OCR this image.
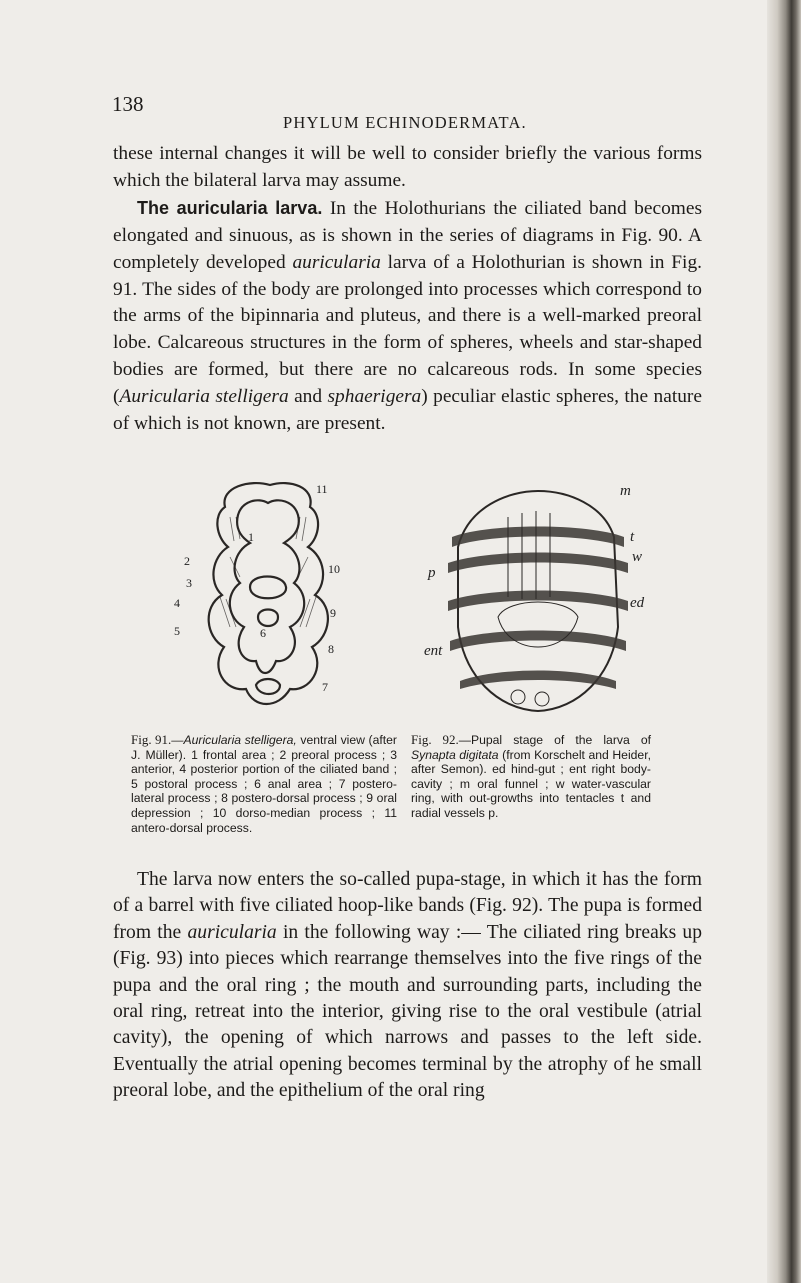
138
PHYLUM ECHINODERMATA.

these internal changes it will be well to consider briefly the various forms which the bilateral larva may assume.
The auricularia larva. In the Holothurians the ciliated band becomes elongated and sinuous, as is shown in the series of diagrams in Fig. 90. A completely developed auricularia larva of a Holothurian is shown in Fig. 91. The sides of the body are prolonged into processes which correspond to the arms of the bipinnaria and pluteus, and there is a well-marked preoral lobe. Calcareous structures in the form of spheres, wheels and star-shaped bodies are formed, but there are no calcareous rods. In some species (Auricularia stelligera and sphaerigera) peculiar elastic spheres, the nature of which is not known, are present.

11
1
2
10
3
4
9
6
5
8
7
m
t
w
ed
p
ent

Fig. 91.—Auricularia stelligera, ventral view (after J. Müller). 1 frontal area ; 2 preoral process ; 3 anterior, 4 posterior portion of the ciliated band ; 5 postoral process ; 6 anal area ; 7 postero-lateral process ; 8 postero-dorsal process ; 9 oral depression ; 10 dorso-median process ; 11 antero-dorsal process.

Fig. 92.—Pupal stage of the larva of Synapta digitata (from Korschelt and Heider, after Semon). ed hind-gut ; ent right body-cavity ; m oral funnel ; w water-vascular ring, with out-growths into tentacles t and radial vessels p.

The larva now enters the so-called pupa-stage, in which it has the form of a barrel with five ciliated hoop-like bands (Fig. 92). The pupa is formed from the auricularia in the following way :— The ciliated ring breaks up (Fig. 93) into pieces which rearrange themselves into the five rings of the pupa and the oral ring ; the mouth and surrounding parts, including the oral ring, retreat into the interior, giving rise to the oral vestibule (atrial cavity), the opening of which narrows and passes to the left side. Eventually the atrial opening becomes terminal by the atrophy of he small preoral lobe, and the epithelium of the oral ring
